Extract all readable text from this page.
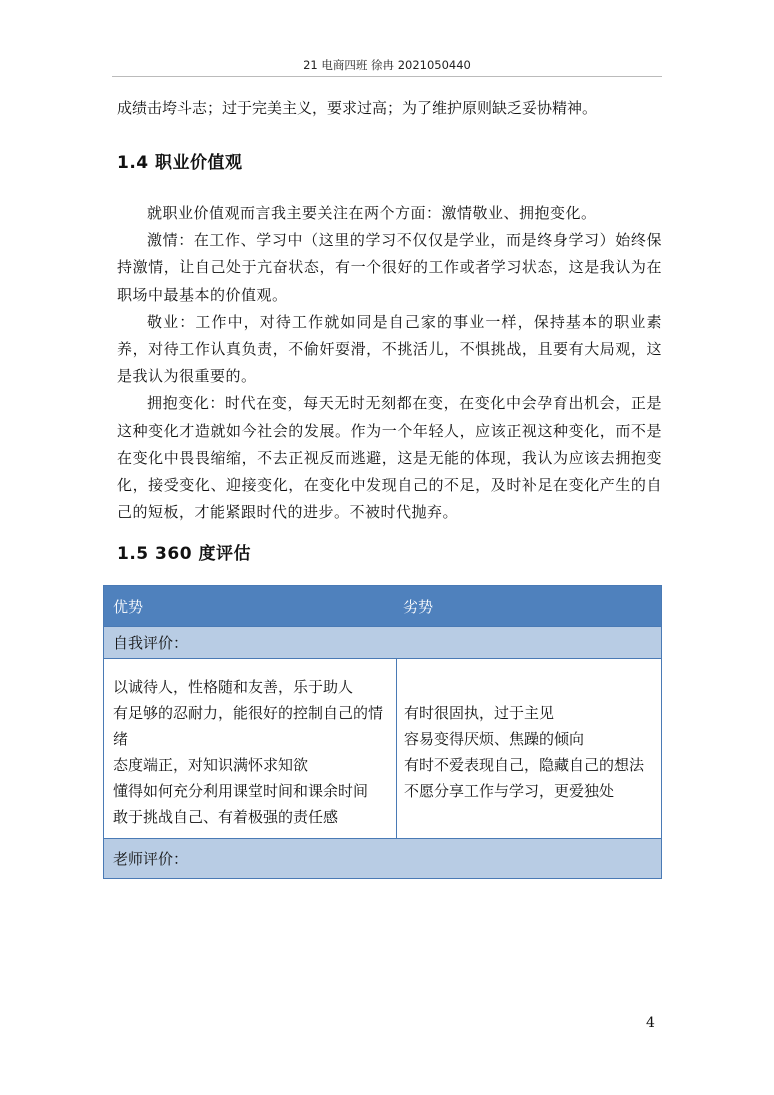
21 电商四班 徐冉 2021050440
成绩击垮斗志；过于完美主义，要求过高；为了维护原则缺乏妥协精神。
1.4 职业价值观

就职业价值观而言我主要关注在两个方面：激情敬业、拥抱变化。

激情：在工作、学习中（这里的学习不仅仅是学业，而是终身学习）始终保持激情，让自己处于亢奋状态，有一个很好的工作或者学习状态，这是我认为在职场中最基本的价值观。

敬业：工作中，对待工作就如同是自己家的事业一样，保持基本的职业素养，对待工作认真负责，不偷奸耍滑，不挑活儿，不惧挑战，且要有大局观，这是我认为很重要的。

拥抱变化：时代在变，每天无时无刻都在变，在变化中会孕育出机会，正是这种变化才造就如今社会的发展。作为一个年轻人，应该正视这种变化，而不是在变化中畏畏缩缩，不去正视反而逃避，这是无能的体现，我认为应该去拥抱变化，接受变化、迎接变化，在变化中发现自己的不足，及时补足在变化产生的自己的短板，才能紧跟时代的进步。不被时代抛弃。

1.5 360 度评估
优势	劣势
自我评价：
以诚待人，性格随和友善，乐于助人
有足够的忍耐力，能很好的控制自己的情
绪
态度端正，对知识满怀求知欲
懂得如何充分利用课堂时间和课余时间
敢于挑战自己、有着极强的责任感
有时很固执，过于主见
容易变得厌烦、焦躁的倾向
有时不爱表现自己，隐藏自己的想法
不愿分享工作与学习，更爱独处
老师评价：
4
